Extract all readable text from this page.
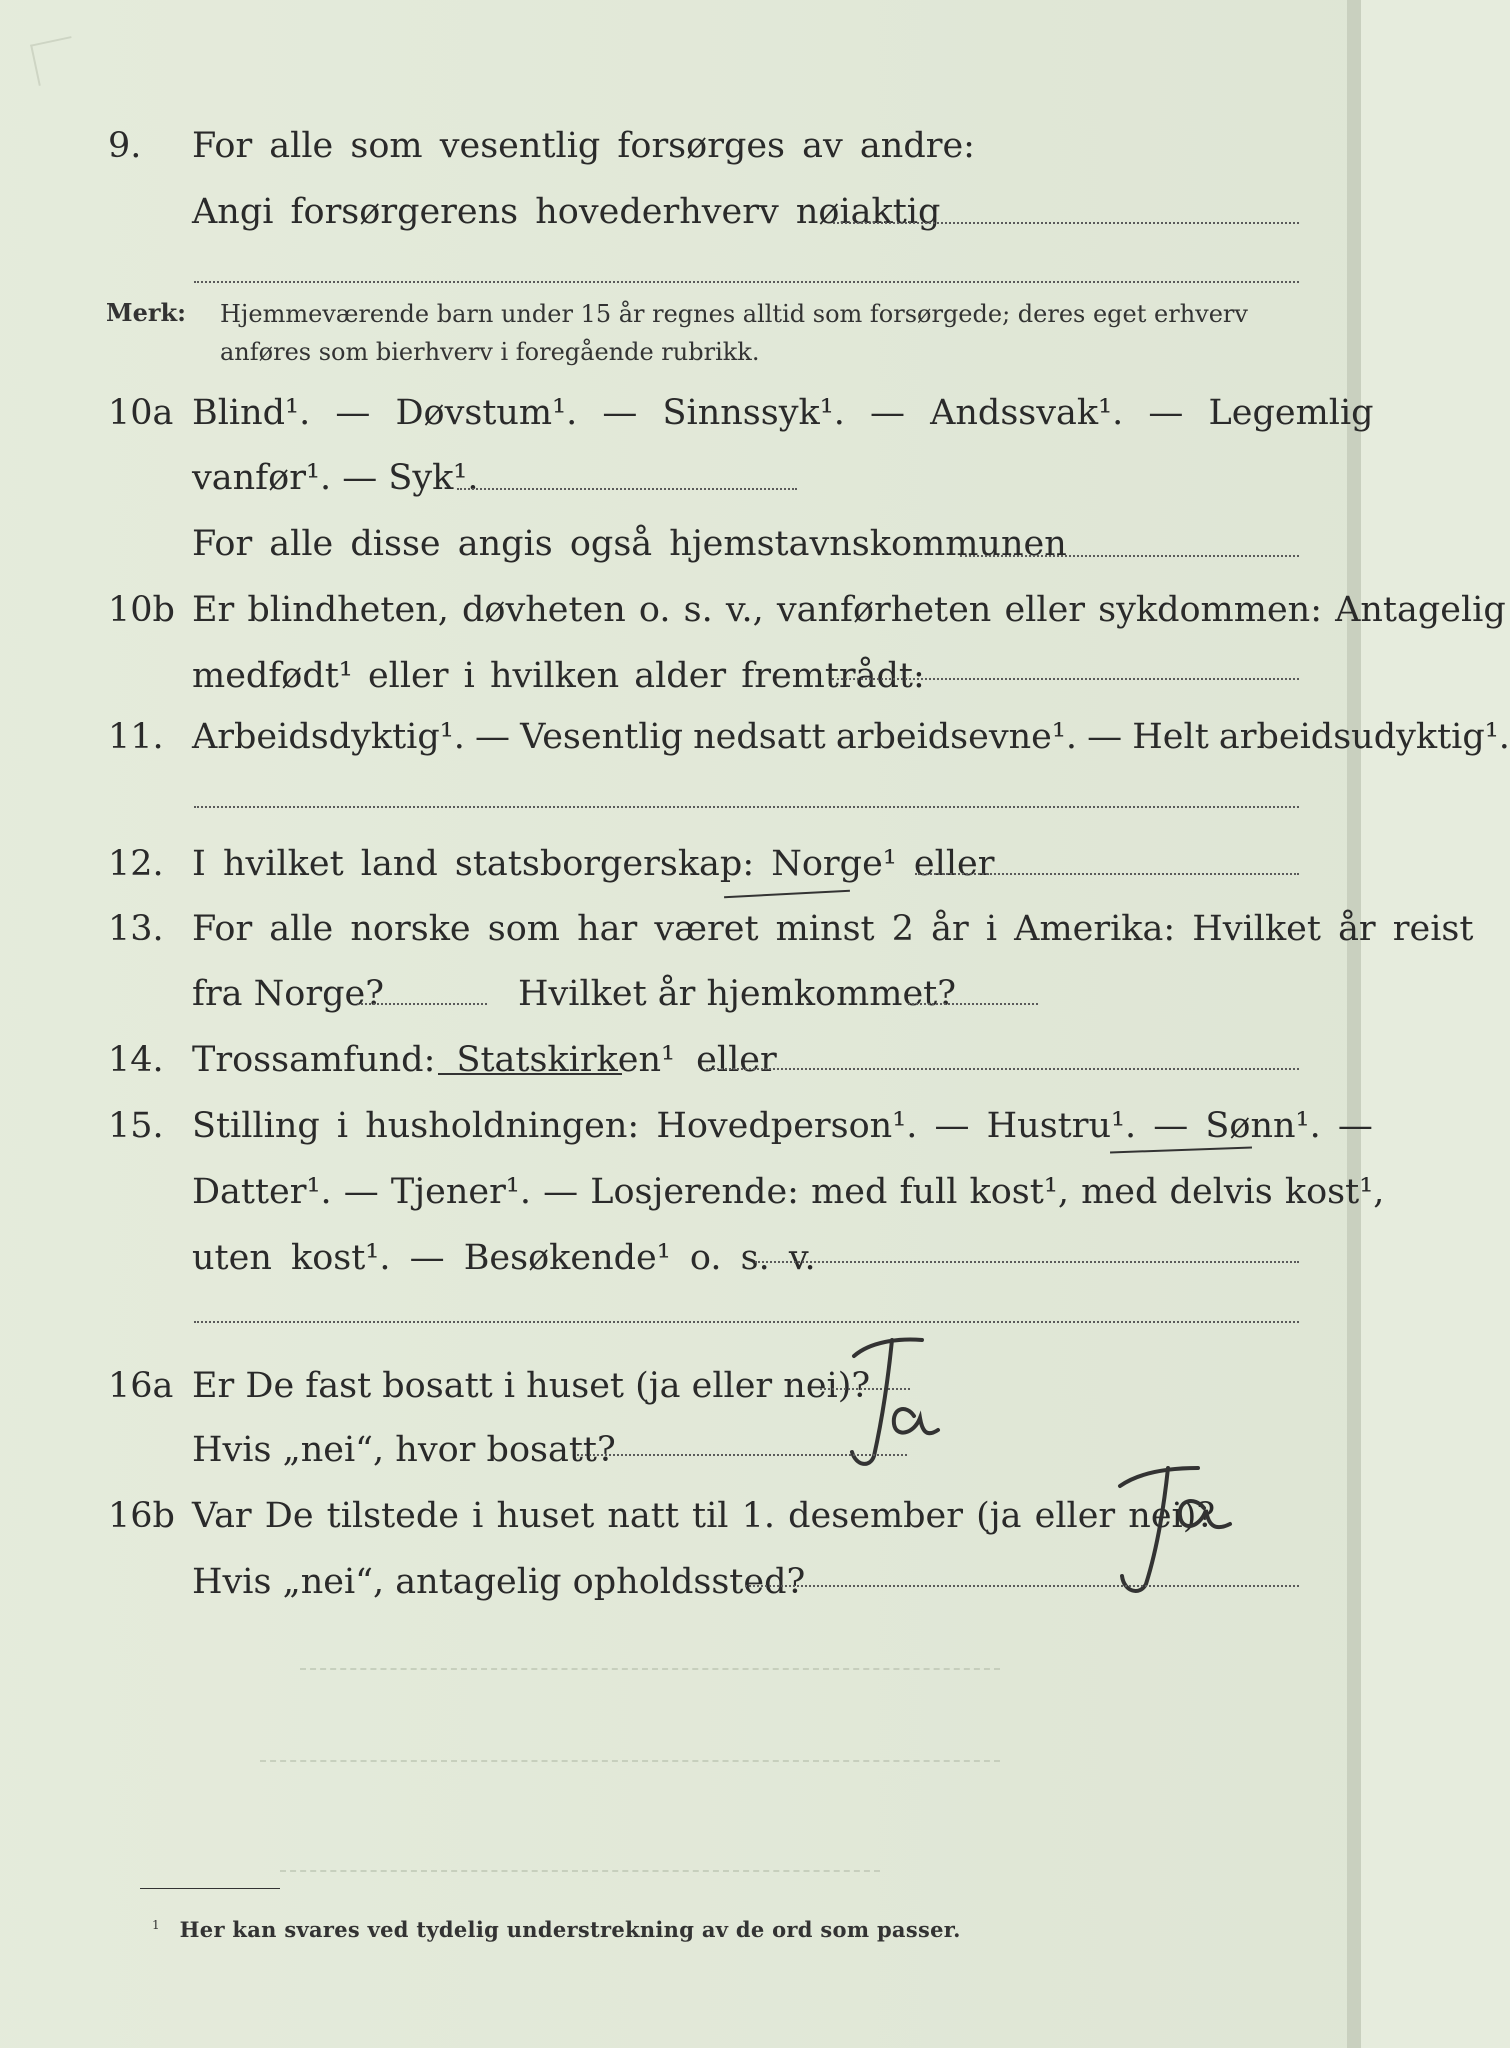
9. For alle som vesentlig forsørges av andre:
Angi forsørgerens hovederhverv nøiaktig
Merk: Hjemmeværende barn under 15 år regnes alltid som forsørgede; deres eget erhverv
anføres som bierhverv i foregående rubrikk.
10a Blind¹. — Døvstum¹. — Sinnssyk¹. — Andssvak¹. — Legemlig
vanfør¹. — Syk¹.
For alle disse angis også hjemstavnskommunen
10b Er blindheten, døvheten o. s. v., vanførheten eller sykdommen: Antagelig
medfødt¹ eller i hvilken alder fremtrådt:
11. Arbeidsdyktig¹. — Vesentlig nedsatt arbeidsevne¹. — Helt arbeidsudyktig¹.
12. I hvilket land statsborgerskap: Norge¹ eller
13. For alle norske som har været minst 2 år i Amerika: Hvilket år reist
fra Norge?	Hvilket år hjemkommet?
14. Trossamfund: Statskirken¹ eller
15. Stilling i husholdningen: Hovedperson¹. — Hustru¹. — Sønn¹. —
Datter¹. — Tjener¹. — Losjerende: med full kost¹, med delvis kost¹,
uten kost¹. — Besøkende¹ o. s. v.
16a Er De fast bosatt i huset (ja eller nei)?
Hvis „nei“, hvor bosatt?
16b Var De tilstede i huset natt til 1. desember (ja eller nei)?
Hvis „nei“, antagelig opholdssted?
$^1$ Her kan svares ved tydelig understrekning av de ord som passer.
